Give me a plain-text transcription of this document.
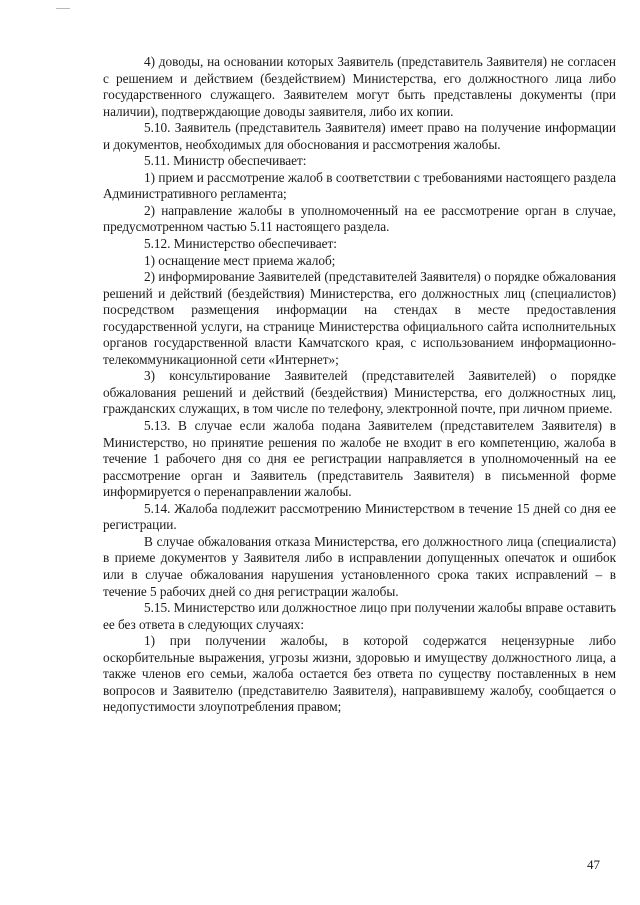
4) доводы, на основании которых Заявитель (представитель Заявителя) не согласен с решением и действием (бездействием) Министерства, его должностного лица либо государственного служащего. Заявителем могут быть представлены документы (при наличии), подтверждающие доводы заявителя, либо их копии.

5.10. Заявитель (представитель Заявителя) имеет право на получение информации и документов, необходимых для обоснования и рассмотрения жалобы.

5.11. Министр обеспечивает:

1) прием и рассмотрение жалоб в соответствии с требованиями настоящего раздела Административного регламента;

2) направление жалобы в уполномоченный на ее рассмотрение орган в случае, предусмотренном частью 5.11 настоящего раздела.

5.12. Министерство обеспечивает:

1) оснащение мест приема жалоб;

2) информирование Заявителей (представителей Заявителя) о порядке обжалования решений и действий (бездействия) Министерства, его должностных лиц (специалистов) посредством размещения информации на стендах в месте предоставления государственной услуги, на странице Министерства официального сайта исполнительных органов государственной власти Камчатского края, с использованием информационно-телекоммуникационной сети «Интернет»;

3) консультирование Заявителей (представителей Заявителей) о порядке обжалования решений и действий (бездействия) Министерства, его должностных лиц, гражданских служащих, в том числе по телефону, электронной почте, при личном приеме.

5.13. В случае если жалоба подана Заявителем (представителем Заявителя) в Министерство, но принятие решения по жалобе не входит в его компетенцию, жалоба в течение 1 рабочего дня со дня ее регистрации направляется в уполномоченный на ее рассмотрение орган и Заявитель (представитель Заявителя) в письменной форме информируется о перенаправлении жалобы.

5.14. Жалоба подлежит рассмотрению Министерством в течение 15 дней со дня ее регистрации.

В случае обжалования отказа Министерства, его должностного лица (специалиста) в приеме документов у Заявителя либо в исправлении допущенных опечаток и ошибок или в случае обжалования нарушения установленного срока таких исправлений – в течение 5 рабочих дней со дня регистрации жалобы.

5.15. Министерство или должностное лицо при получении жалобы вправе оставить ее без ответа в следующих случаях:

1) при получении жалобы, в которой содержатся нецензурные либо оскорбительные выражения, угрозы жизни, здоровью и имуществу должностного лица, а также членов его семьи, жалоба остается без ответа по существу поставленных в нем вопросов и Заявителю (представителю Заявителя), направившему жалобу, сообщается о недопустимости злоупотребления правом;

47
